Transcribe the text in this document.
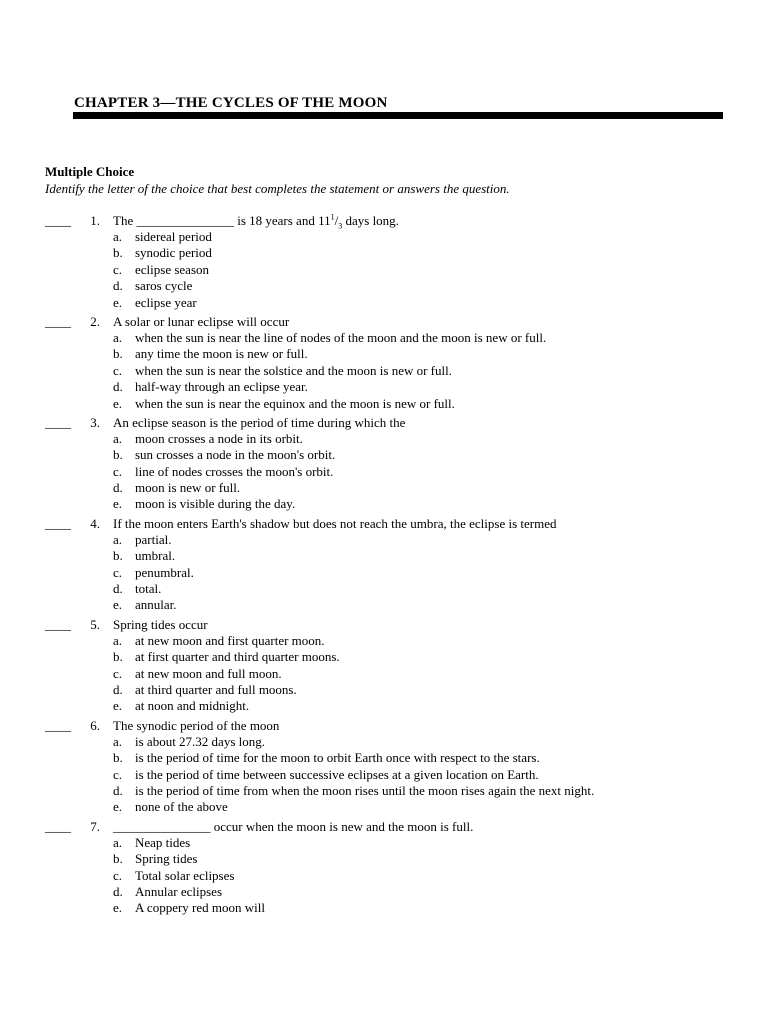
CHAPTER 3—THE CYCLES OF THE MOON
Multiple Choice

Identify the letter of the choice that best completes the statement or answers the question.

____	1. The _______________ is 18 years and $11^1/_3$ days long.
a. sidereal period
b. synodic period
c. eclipse season
d. saros cycle
e. eclipse year
____	2. A solar or lunar eclipse will occur
a. when the sun is near the line of nodes of the moon and the moon is new or full.
b. any time the moon is new or full.
c. when the sun is near the solstice and the moon is new or full.
d. half-way through an eclipse year.
e. when the sun is near the equinox and the moon is new or full.
____	3. An eclipse season is the period of time during which the
a. moon crosses a node in its orbit.
b. sun crosses a node in the moon's orbit.
c. line of nodes crosses the moon's orbit.
d. moon is new or full.
e. moon is visible during the day.
____	4. If the moon enters Earth's shadow but does not reach the umbra, the eclipse is termed
a. partial.
b. umbral.
c. penumbral.
d. total.
e. annular.
____	5. Spring tides occur
a. at new moon and first quarter moon.
b. at first quarter and third quarter moons.
c. at new moon and full moon.
d. at third quarter and full moons.
e. at noon and midnight.
____	6. The synodic period of the moon
a. is about 27.32 days long.
b. is the period of time for the moon to orbit Earth once with respect to the stars.
c. is the period of time between successive eclipses at a given location on Earth.
d. is the period of time from when the moon rises until the moon rises again the next night.
e. none of the above
____	7. _______________ occur when the moon is new and the moon is full.
a. Neap tides
b. Spring tides
c. Total solar eclipses
d. Annular eclipses
e. A coppery red moon will
